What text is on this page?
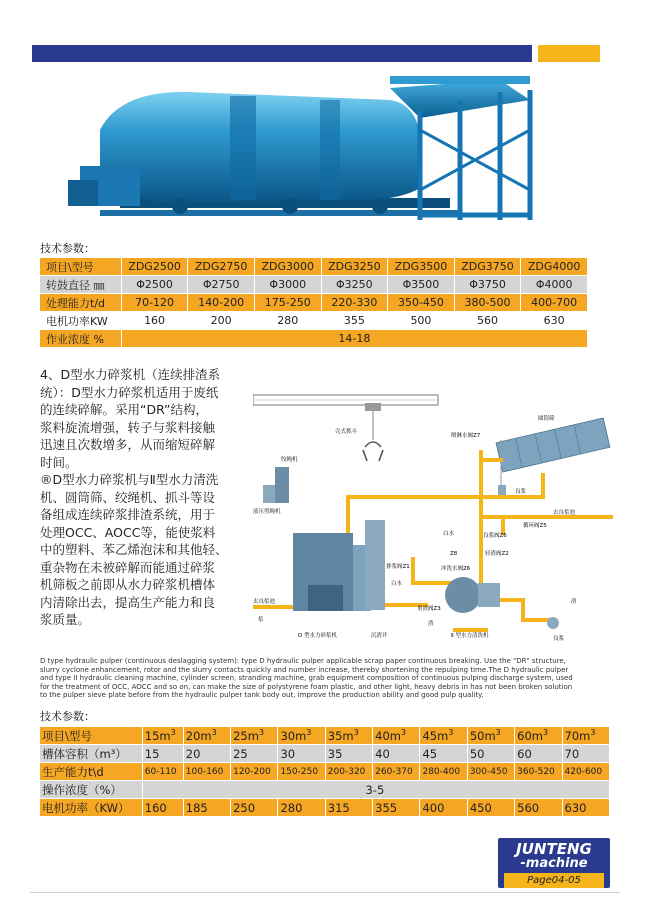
技术参数：
项目\型号	ZDG2500	ZDG2750	ZDG3000	ZDG3250	ZDG3500	ZDG3750	ZDG4000
转鼓直径 ㎜	Φ2500	Φ2750	Φ3000	Φ3250	Φ3500	Φ3750	Φ4000
处理能力t/d	70-120	140-200	175-250	220-330	350-450	380-500	400-700
电机功率KW	160	200	280	355	500	560	630
作业浓度 %	14-18						
4、D型水力碎浆机（连续排渣系
统）：D型水力碎浆机适用于废纸
的连续碎解。采用“DR”结构，
浆料旋流增强，转子与浆料接触
迅速且次数增多，从而缩短碎解
时间。
®D型水力碎浆机与Ⅱ型水力清洗
机、圆筒筛、绞绳机、抓斗等设
备组成连续碎浆排渣系统，用于
处理OCC、AOCC等，能使浆料
中的塑料、苯乙烯泡沫和其他轻、
重杂物在未被碎解而能通过碎浆
机筛板之前即从水力碎浆机槽体
内清除出去，提高生产能力和良
浆质量。
壳式抓斗
绞绳机
液压剪绳机
圆筒筛
喷淋水阀Z7
良浆
去良浆池
循环阀Z5
良浆阀Z6
白水
Z8
冲洗水阀Z6
轻渣阀Z2
排浆阀Z1
重渣阀Z3
去良浆池
浆
白水
渣
渣
D 型水力碎浆机	沉渣井	Ⅱ 型水力清洗机	良浆
D type hydraulic pulper (continuous deslagging system): type D hydraulic pulper applicable scrap paper continuous breaking. Use the "DR" structure,
slurry cyclone enhancement, rotor and the slurry contacts quickly and number increase, thereby shortening the repulping time.The D hydraulic pulper
and type II hydraulic cleaning machine, cylinder screen, stranding machine, grab equipment composition of continuous pulping discharge system, used
for the treatment of OCC, AOCC and so on, can make the size of polystyrene foam plastic, and other light, heavy debris in has not been broken solution
to the pulper sieve plate before from the hydraulic pulper tank body out, improve the production ability and good pulp quality.
技术参数：
项目\型号	$15m^3$	$20m^3$	$25m^3$	$30m^3$	$35m^3$	$40m^3$	$45m^3$	$50m^3$	$60m^3$	$70m^3$
槽体容积（m³）	15	20	25	30	35	40	45	50	60	70
生产能力t\d	60-110	100-160	120-200	150-250	200-320	260-370	280-400	300-450	360-520	420-600
操作浓度（%）	3-5									
电机功率（KW）	160	185	250	280	315	355	400	450	560	630
JUNTENG
-machine
Page04-05
